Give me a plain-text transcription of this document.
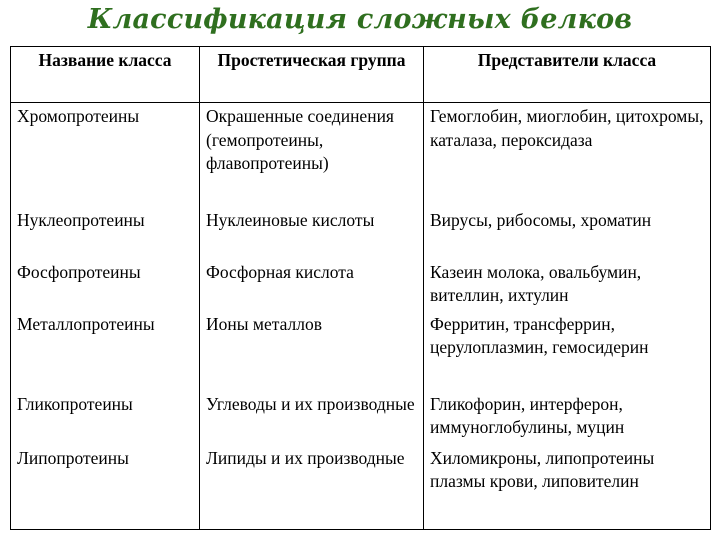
Классификация сложных белков
Название класса	Простетическая группа	Представители класса
Хромопротеины	Окрашенные соединения (гемопротеины, флавопротеины)	Гемоглобин, миоглобин, цитохромы, каталаза, пероксидаза
Нуклеопротеины	Нуклеиновые кислоты	Вирусы, рибосомы, хроматин
Фосфопротеины	Фосфорная кислота	Казеин молока, овальбумин, вителлин, ихтулин
Металлопротеины	Ионы металлов	Ферритин, трансферрин, церулоплазмин, гемосидерин
Гликопротеины	Углеводы и их производные	Гликофорин, интерферон, иммуноглобулины, муцин
Липопротеины	Липиды и их производные	Хиломикроны, липопротеины плазмы крови, липовителин
